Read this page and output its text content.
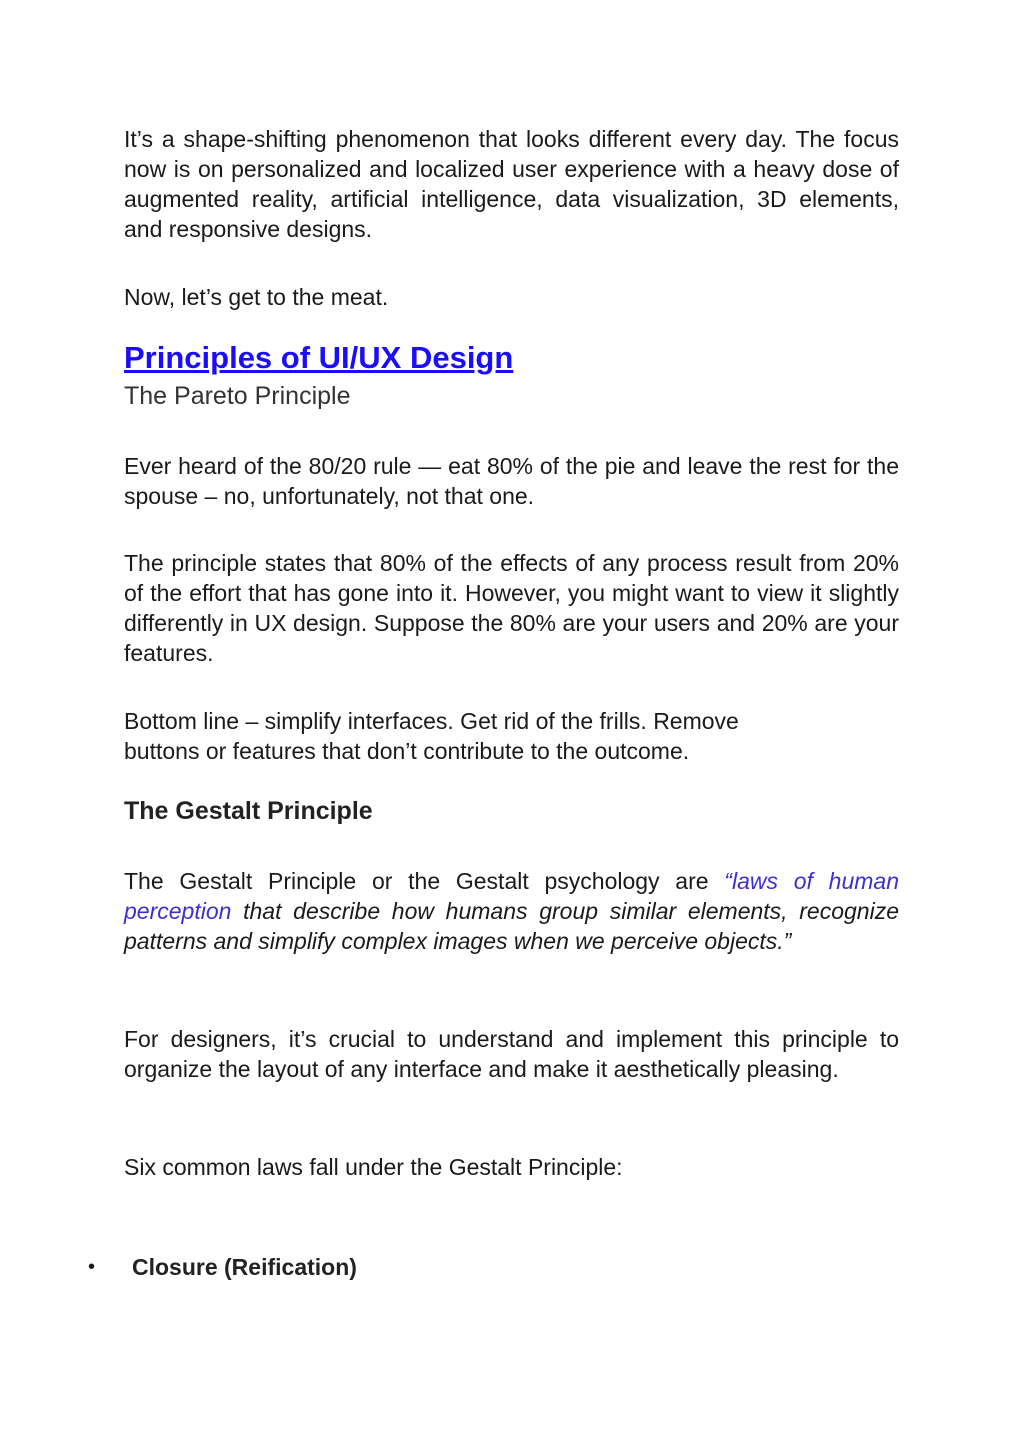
It’s a shape-shifting phenomenon that looks different every day. The focus now is on personalized and localized user experience with a heavy dose of augmented reality, artificial intelligence, data visualization, 3D elements, and responsive designs.

Now, let’s get to the meat.

Principles of UI/UX Design
The Pareto Principle

Ever heard of the 80/20 rule — eat 80% of the pie and leave the rest for the spouse – no, unfortunately, not that one.

The principle states that 80% of the effects of any process result from 20% of the effort that has gone into it. However, you might want to view it slightly differently in UX design. Suppose the 80% are your users and 20% are your features.

Bottom line – simplify interfaces. Get rid of the frills. Remove
buttons or features that don’t contribute to the outcome.

The Gestalt Principle

The Gestalt Principle or the Gestalt psychology are “laws of human perception that describe how humans group similar elements, recognize patterns and simplify complex images when we perceive objects.”

For designers, it’s crucial to understand and implement this principle to organize the layout of any interface and make it aesthetically pleasing.

Six common laws fall under the Gestalt Principle:

• Closure (Reification)
